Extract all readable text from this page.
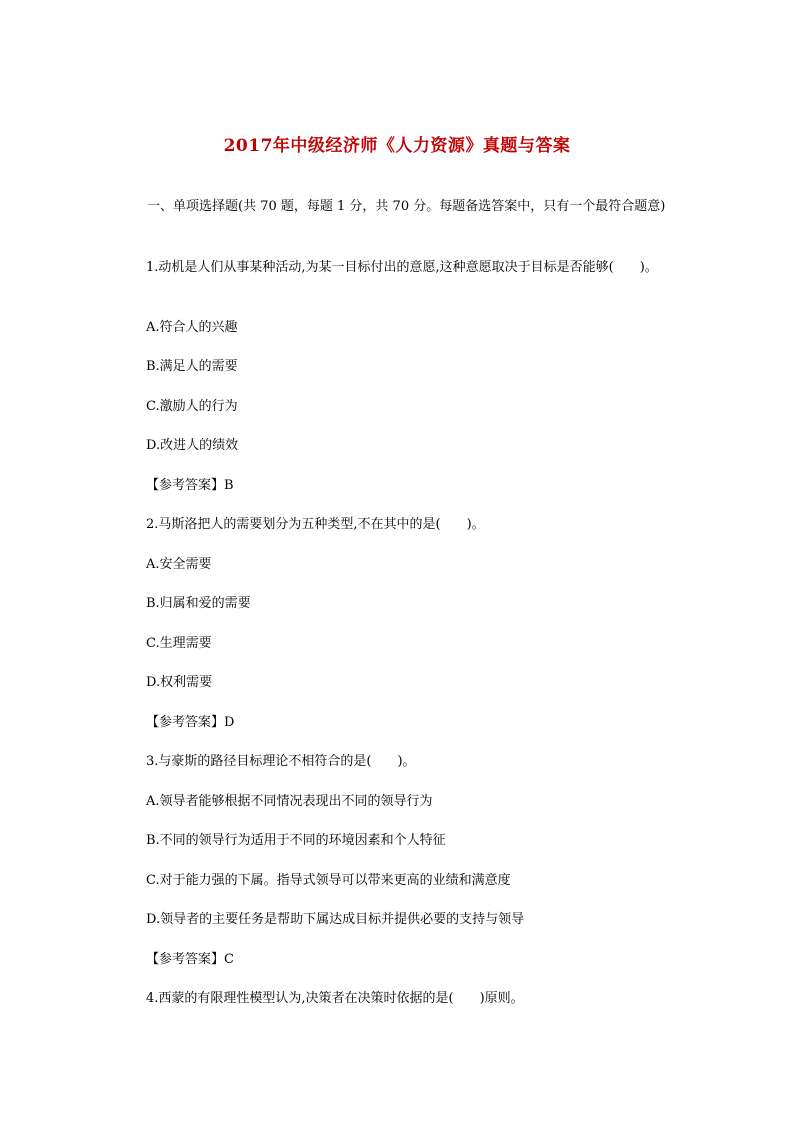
2017年中级经济师《人力资源》真题与答案
一、单项选择题(共 70 题，每题 1 分，共 70 分。每题备选答案中，只有一个最符合题意)
1.动机是人们从事某种活动,为某一目标付出的意愿,这种意愿取决于目标是否能够(　　)。
A.符合人的兴趣
B.满足人的需要
C.激励人的行为
D.改进人的绩效
【参考答案】B
2.马斯洛把人的需要划分为五种类型,不在其中的是(　　)。
A.安全需要
B.归属和爱的需要
C.生理需要
D.权利需要
【参考答案】D
3.与豪斯的路径目标理论不相符合的是(　　)。
A.领导者能够根据不同情况表现出不同的领导行为
B.不同的领导行为适用于不同的环境因素和个人特征
C.对于能力强的下属。指导式领导可以带来更高的业绩和满意度
D.领导者的主要任务是帮助下属达成目标并提供必要的支持与领导
【参考答案】C
4.西蒙的有限理性模型认为,决策者在决策时依据的是(　　)原则。
